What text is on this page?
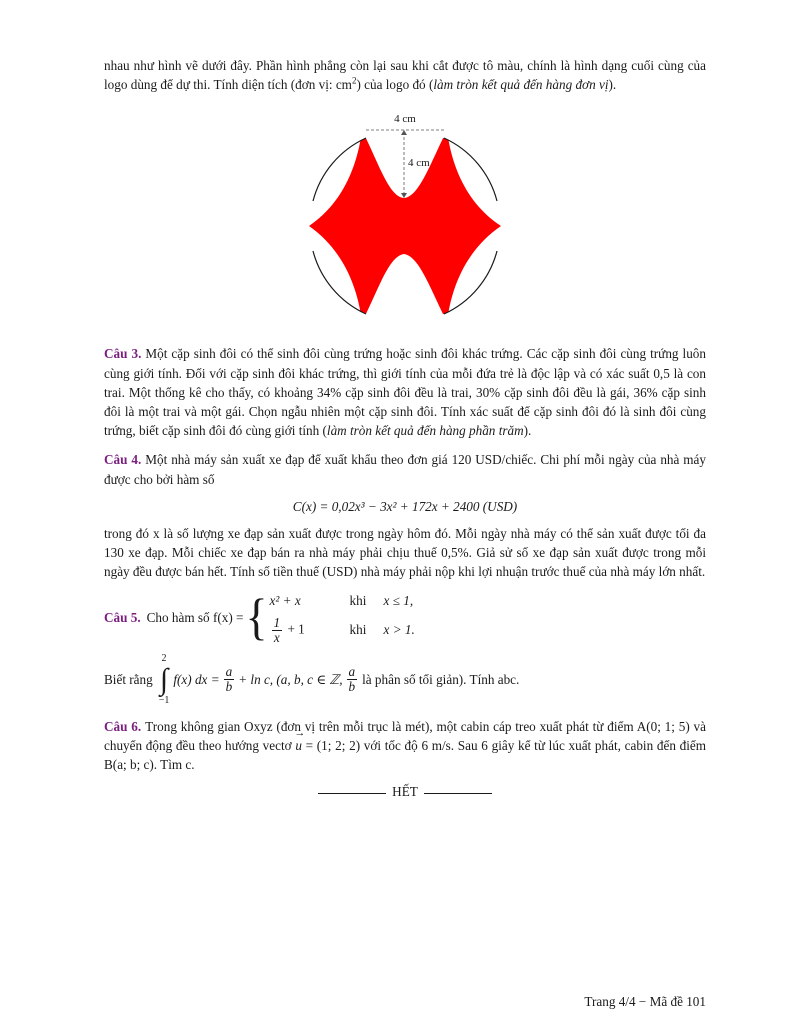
nhau như hình vẽ dưới đây. Phần hình phẳng còn lại sau khi cắt được tô màu, chính là hình dạng cuối cùng của logo dùng để dự thi. Tính diện tích (đơn vị: $cm^2$) của logo đó (làm tròn kết quả đến hàng đơn vị).

4 cm
4 cm

Câu 3. Một cặp sinh đôi có thể sinh đôi cùng trứng hoặc sinh đôi khác trứng. Các cặp sinh đôi cùng trứng luôn cùng giới tính. Đối với cặp sinh đôi khác trứng, thì giới tính của mỗi đứa trẻ là độc lập và có xác suất 0,5 là con trai. Một thống kê cho thấy, có khoảng 34% cặp sinh đôi đều là trai, 30% cặp sinh đôi đều là gái, 36% cặp sinh đôi là một trai và một gái. Chọn ngẫu nhiên một cặp sinh đôi. Tính xác suất để cặp sinh đôi đó là sinh đôi cùng trứng, biết cặp sinh đôi đó cùng giới tính (làm tròn kết quả đến hàng phần trăm).

Câu 4. Một nhà máy sản xuất xe đạp để xuất khẩu theo đơn giá 120 USD/chiếc. Chi phí mỗi ngày của nhà máy được cho bởi hàm số

C(x) = 0,02x³ − 3x² + 172x + 2400 (USD)

trong đó x là số lượng xe đạp sản xuất được trong ngày hôm đó. Mỗi ngày nhà máy có thể sản xuất được tối đa 130 xe đạp. Mỗi chiếc xe đạp bán ra nhà máy phải chịu thuế 0,5%. Giả sử số xe đạp sản xuất được trong mỗi ngày đều được bán hết. Tính số tiền thuế (USD) nhà máy phải nộp khi lợi nhuận trước thuế của nhà máy lớn nhất.

Câu 5. Cho hàm số f(x) = { x² + x	khi	x ≤ 1,
$\frac{1}{x} + 1$	khi	x > 1.
Biết rằng
2
∫
−1
f(x) dx = $\frac{a}{b} + \ln c$, (a, b, c ∈ ℤ, $\frac{a}{b}$ là phân số tối giản). Tính abc.

Câu 6. Trong không gian Oxyz (đơn vị trên mỗi trục là mét), một cabin cáp treo xuất phát từ điểm A(0; 1; 5) và chuyển động đều theo hướng vectơ → u = (1; 2; 2) với tốc độ 6 m/s. Sau 6 giây kể từ lúc xuất phát, cabin đến điểm B(a; b; c). Tìm c.

HẾT
Trang 4/4 − Mã đề 101
